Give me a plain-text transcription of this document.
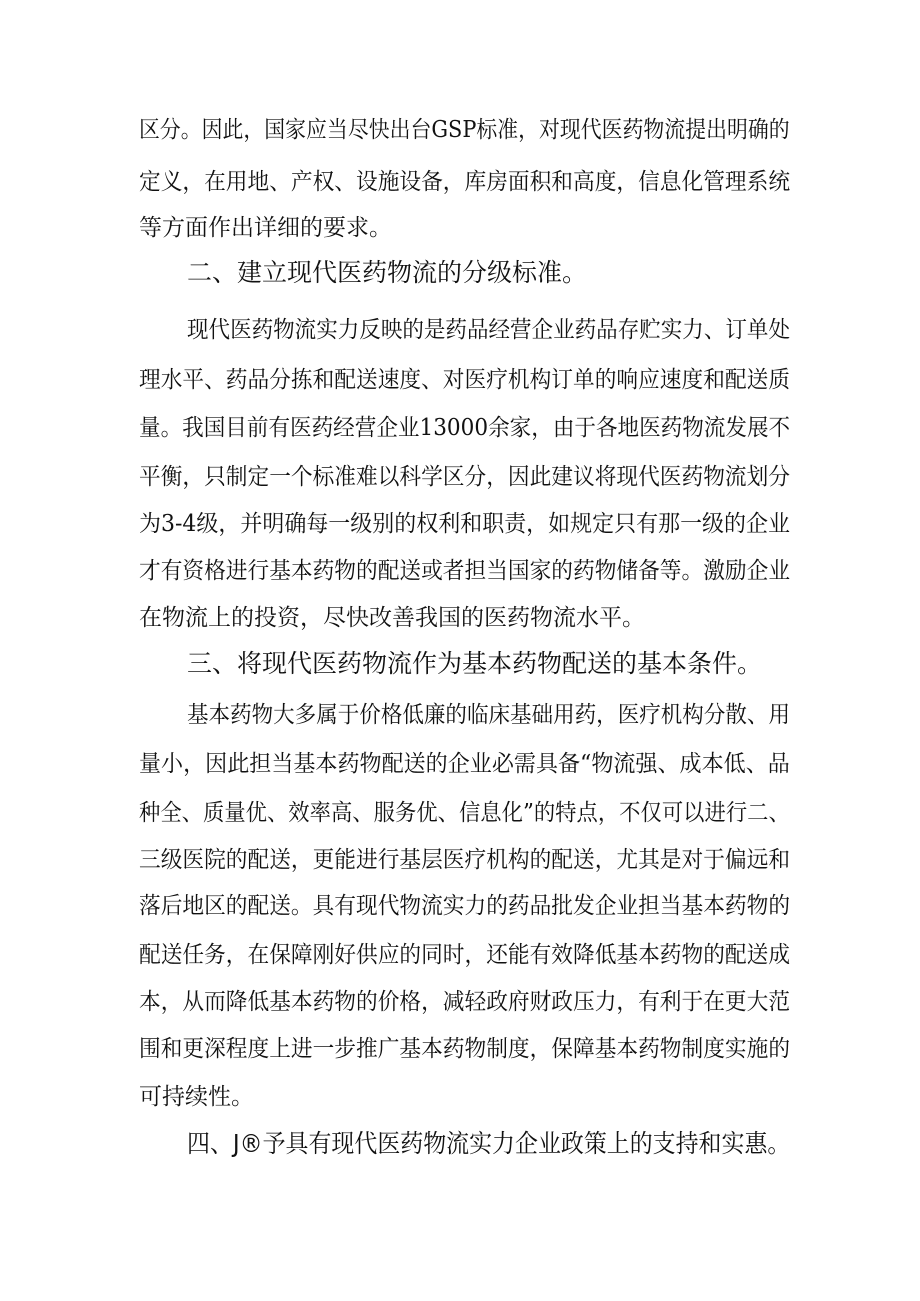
区分。因此，国家应当尽快出台GSP标准，对现代医药物流提出明确的
定义，在用地、产权、设施设备，库房面积和高度，信息化管理系统
等方面作出详细的要求。
二、建立现代医药物流的分级标准。
现代医药物流实力反映的是药品经营企业药品存贮实力、订单处
理水平、药品分拣和配送速度、对医疗机构订单的响应速度和配送质
量。我国目前有医药经营企业13000余家，由于各地医药物流发展不
平衡，只制定一个标准难以科学区分，因此建议将现代医药物流划分
为3-4级，并明确每一级别的权利和职责，如规定只有那一级的企业
才有资格进行基本药物的配送或者担当国家的药物储备等。激励企业
在物流上的投资，尽快改善我国的医药物流水平。
三、将现代医药物流作为基本药物配送的基本条件。
基本药物大多属于价格低廉的临床基础用药，医疗机构分散、用
量小，因此担当基本药物配送的企业必需具备“物流强、成本低、品
种全、质量优、效率高、服务优、信息化”的特点，不仅可以进行二、
三级医院的配送，更能进行基层医疗机构的配送，尤其是对于偏远和
落后地区的配送。具有现代物流实力的药品批发企业担当基本药物的
配送任务，在保障刚好供应的同时，还能有效降低基本药物的配送成
本，从而降低基本药物的价格，减轻政府财政压力，有利于在更大范
围和更深程度上进一步推广基本药物制度，保障基本药物制度实施的
可持续性。
四、J®予具有现代医药物流实力企业政策上的支持和实惠。
